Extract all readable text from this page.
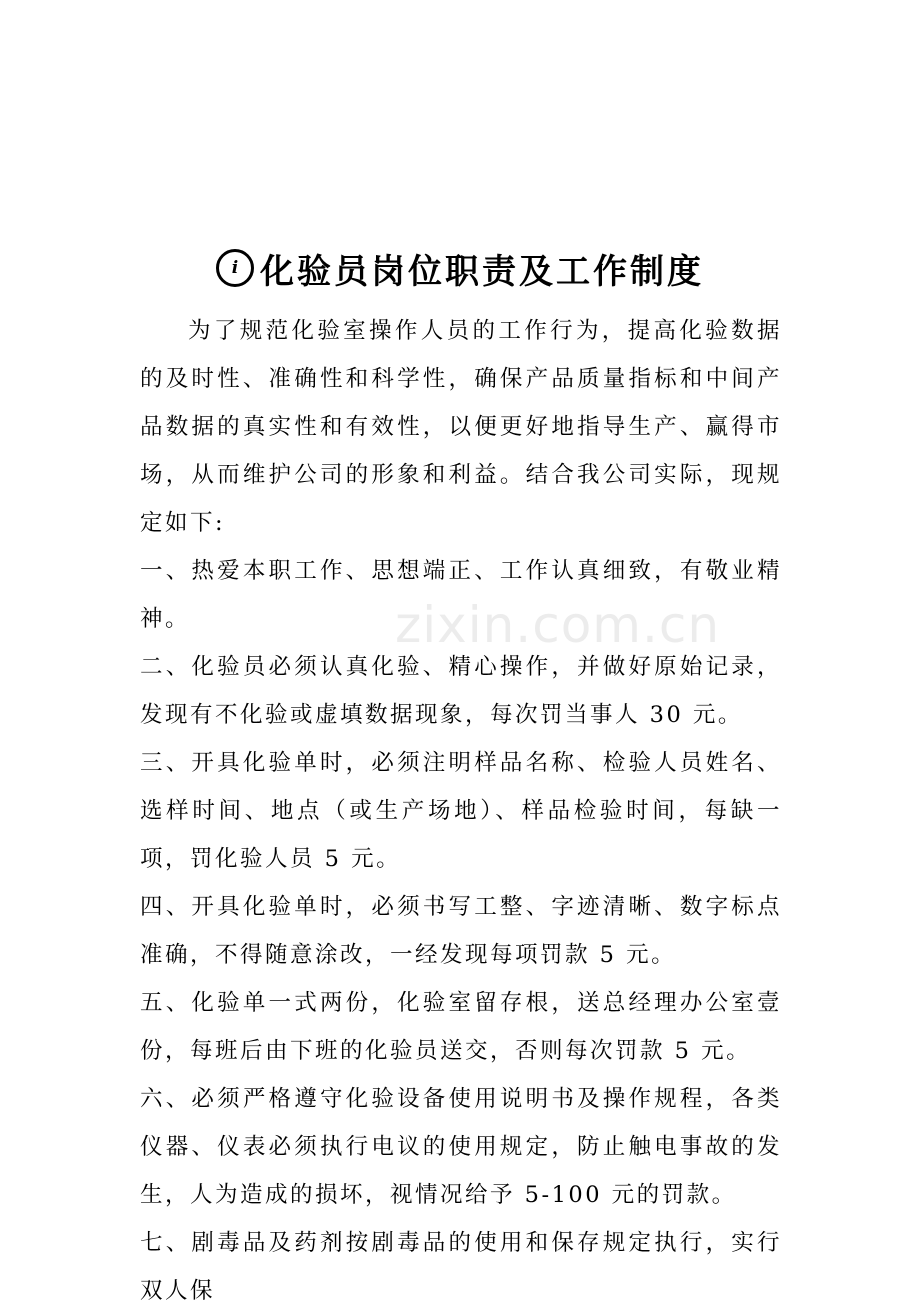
i 化验员岗位职责及工作制度

为了规范化验室操作人员的工作行为，提高化验数据的及时性、准确性和科学性，确保产品质量指标和中间产品数据的真实性和有效性，以便更好地指导生产、赢得市场，从而维护公司的形象和利益。结合我公司实际，现规定如下:

一、热爱本职工作、思想端正、工作认真细致，有敬业精神。

二、化验员必须认真化验、精心操作，并做好原始记录，发现有不化验或虚填数据现象，每次罚当事人 30 元。

三、开具化验单时，必须注明样品名称、检验人员姓名、选样时间、地点（或生产场地）、样品检验时间，每缺一项，罚化验人员 5 元。

四、开具化验单时，必须书写工整、字迹清晰、数字标点准确，不得随意涂改，一经发现每项罚款 5 元。

五、化验单一式两份，化验室留存根，送总经理办公室壹份，每班后由下班的化验员送交，否则每次罚款 5 元。

六、必须严格遵守化验设备使用说明书及操作规程，各类仪器、仪表必须执行电议的使用规定，防止触电事故的发生，人为造成的损坏，视情况给予 5-100 元的罚款。

七、剧毒品及药剂按剧毒品的使用和保存规定执行，实行双人保

zixin.com.cn
